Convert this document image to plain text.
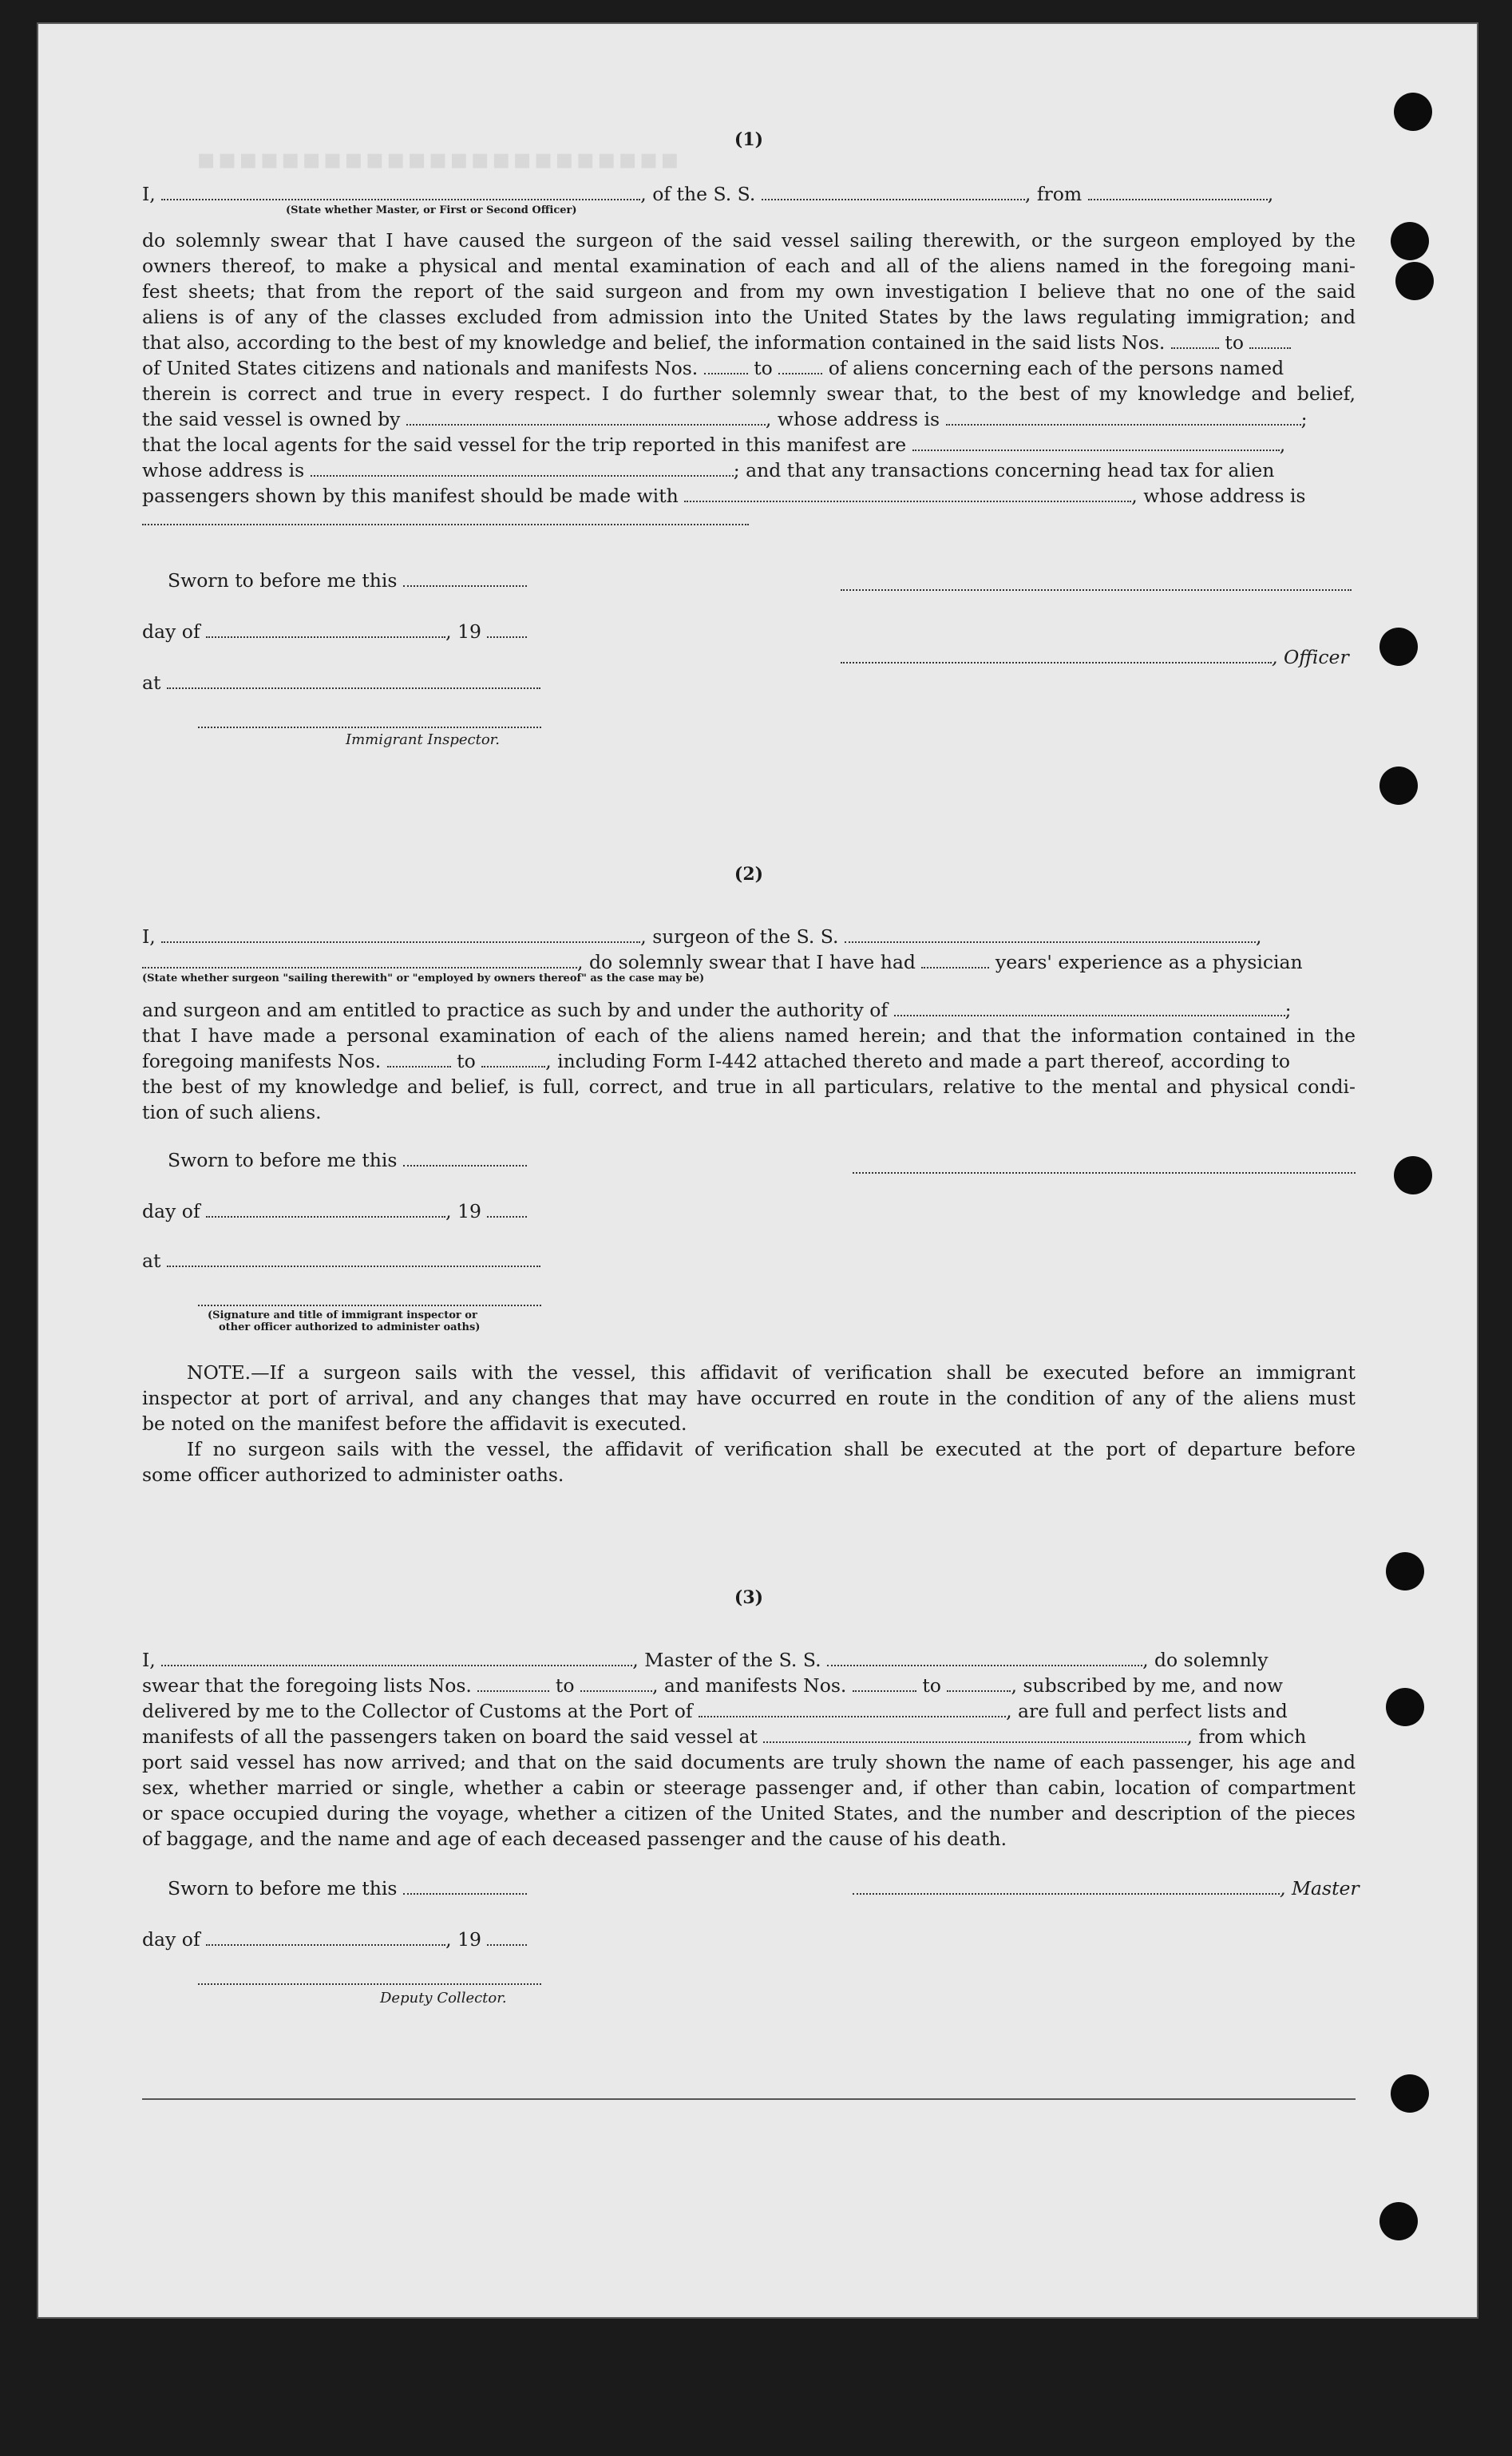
▪▪▪▪▪▪▪▪▪▪▪▪▪▪▪▪▪▪▪▪▪▪▪
(1)
I,	, of the S. S.	, from	,
(State whether Master, or First or Second Officer)
do solemnly swear that I have caused the surgeon of the said vessel sailing therewith, or the surgeon employed by the
owners thereof, to make a physical and mental examination of each and all of the aliens named in the foregoing mani-
fest sheets; that from the report of the said surgeon and from my own investigation I believe that no one of the said
aliens is of any of the classes excluded from admission into the United States by the laws regulating immigration; and
that also, according to the best of my knowledge and belief, the information contained in the said lists Nos.	to
of United States citizens and nationals and manifests Nos.	to	of aliens concerning each of the persons named
therein is correct and true in every respect. I do further solemnly swear that, to the best of my knowledge and belief,
the said vessel is owned by	, whose address is	;
that the local agents for the said vessel for the trip reported in this manifest are	,
whose address is	; and that any transactions concerning head tax for alien
passengers shown by this manifest should be made with	, whose address is
Sworn to before me this
day of	, 19
, Officer
at
Immigrant Inspector.
(2)
I,	, surgeon of the S. S.	,
, do solemnly swear that I have had	years' experience as a physician
(State whether surgeon "sailing therewith" or "employed by owners thereof" as the case may be)
and surgeon and am entitled to practice as such by and under the authority of	;
that I have made a personal examination of each of the aliens named herein; and that the information contained in the
foregoing manifests Nos.	to	, including Form I-442 attached thereto and made a part thereof, according to
the best of my knowledge and belief, is full, correct, and true in all particulars, relative to the mental and physical condi-
tion of such aliens.
Sworn to before me this
day of	, 19
at
(Signature and title of immigrant inspector or
other officer authorized to administer oaths)
NOTE.—If a surgeon sails with the vessel, this affidavit of verification shall be executed before an immigrant
inspector at port of arrival, and any changes that may have occurred en route in the condition of any of the aliens must
be noted on the manifest before the affidavit is executed.
If no surgeon sails with the vessel, the affidavit of verification shall be executed at the port of departure before
some officer authorized to administer oaths.
(3)
I,	, Master of the S. S.	, do solemnly
swear that the foregoing lists Nos.	to	, and manifests Nos.	to	, subscribed by me, and now
delivered by me to the Collector of Customs at the Port of	, are full and perfect lists and
manifests of all the passengers taken on board the said vessel at	, from which
port said vessel has now arrived; and that on the said documents are truly shown the name of each passenger, his age and
sex, whether married or single, whether a cabin or steerage passenger and, if other than cabin, location of compartment
or space occupied during the voyage, whether a citizen of the United States, and the number and description of the pieces
of baggage, and the name and age of each deceased passenger and the cause of his death.
Sworn to before me this	, Master
day of	, 19
Deputy Collector.
